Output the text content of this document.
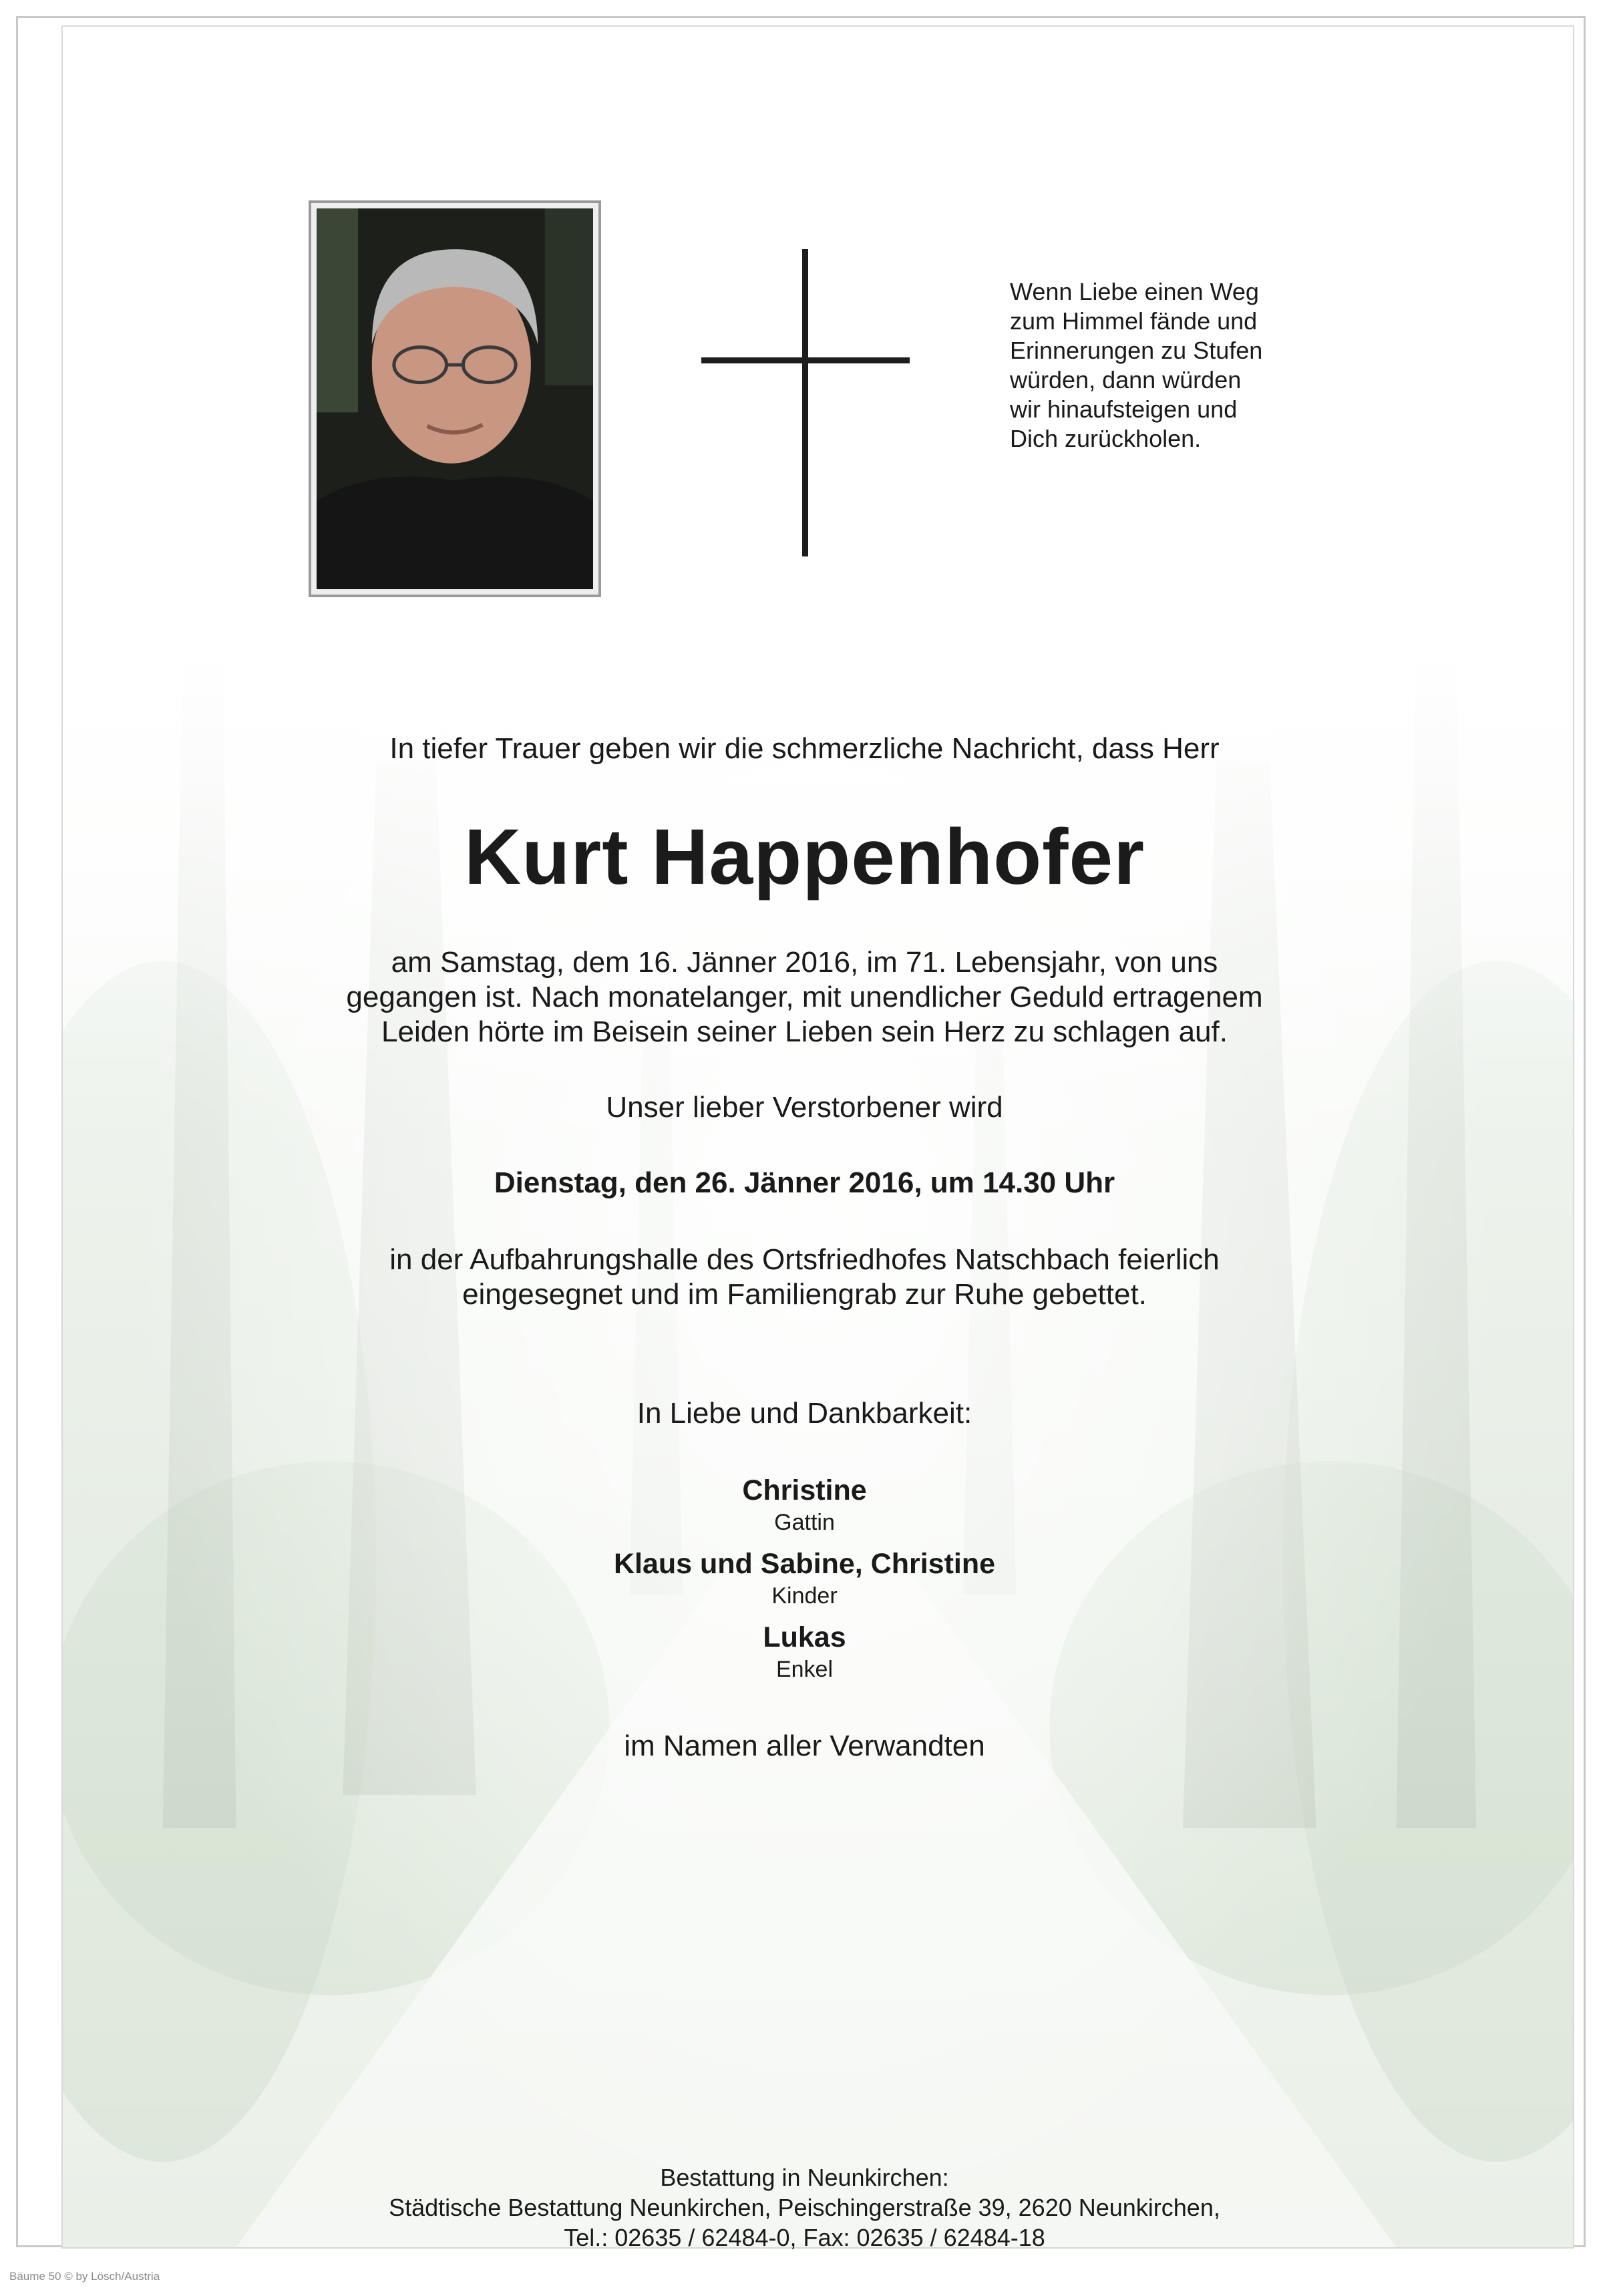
Wenn Liebe einen Weg
zum Himmel fände und
Erinnerungen zu Stufen
würden, dann würden
wir hinaufsteigen und
Dich zurückholen.
In tiefer Trauer geben wir die schmerzliche Nachricht, dass Herr
Kurt Happenhofer
am Samstag, dem 16. Jänner 2016, im 71. Lebensjahr, von uns
gegangen ist. Nach monatelanger, mit unendlicher Geduld ertragenem
Leiden hörte im Beisein seiner Lieben sein Herz zu schlagen auf.
Unser lieber Verstorbener wird
Dienstag, den 26. Jänner 2016, um 14.30 Uhr
in der Aufbahrungshalle des Ortsfriedhofes Natschbach feierlich
eingesegnet und im Familiengrab zur Ruhe gebettet.
In Liebe und Dankbarkeit:
Christine
Gattin
Klaus und Sabine, Christine
Kinder
Lukas
Enkel
im Namen aller Verwandten
Bestattung in Neunkirchen:
Städtische Bestattung Neunkirchen, Peischingerstraße 39, 2620 Neunkirchen,
Tel.: 02635 / 62484-0, Fax: 02635 / 62484-18
Bäume 50 © by Lösch/Austria
